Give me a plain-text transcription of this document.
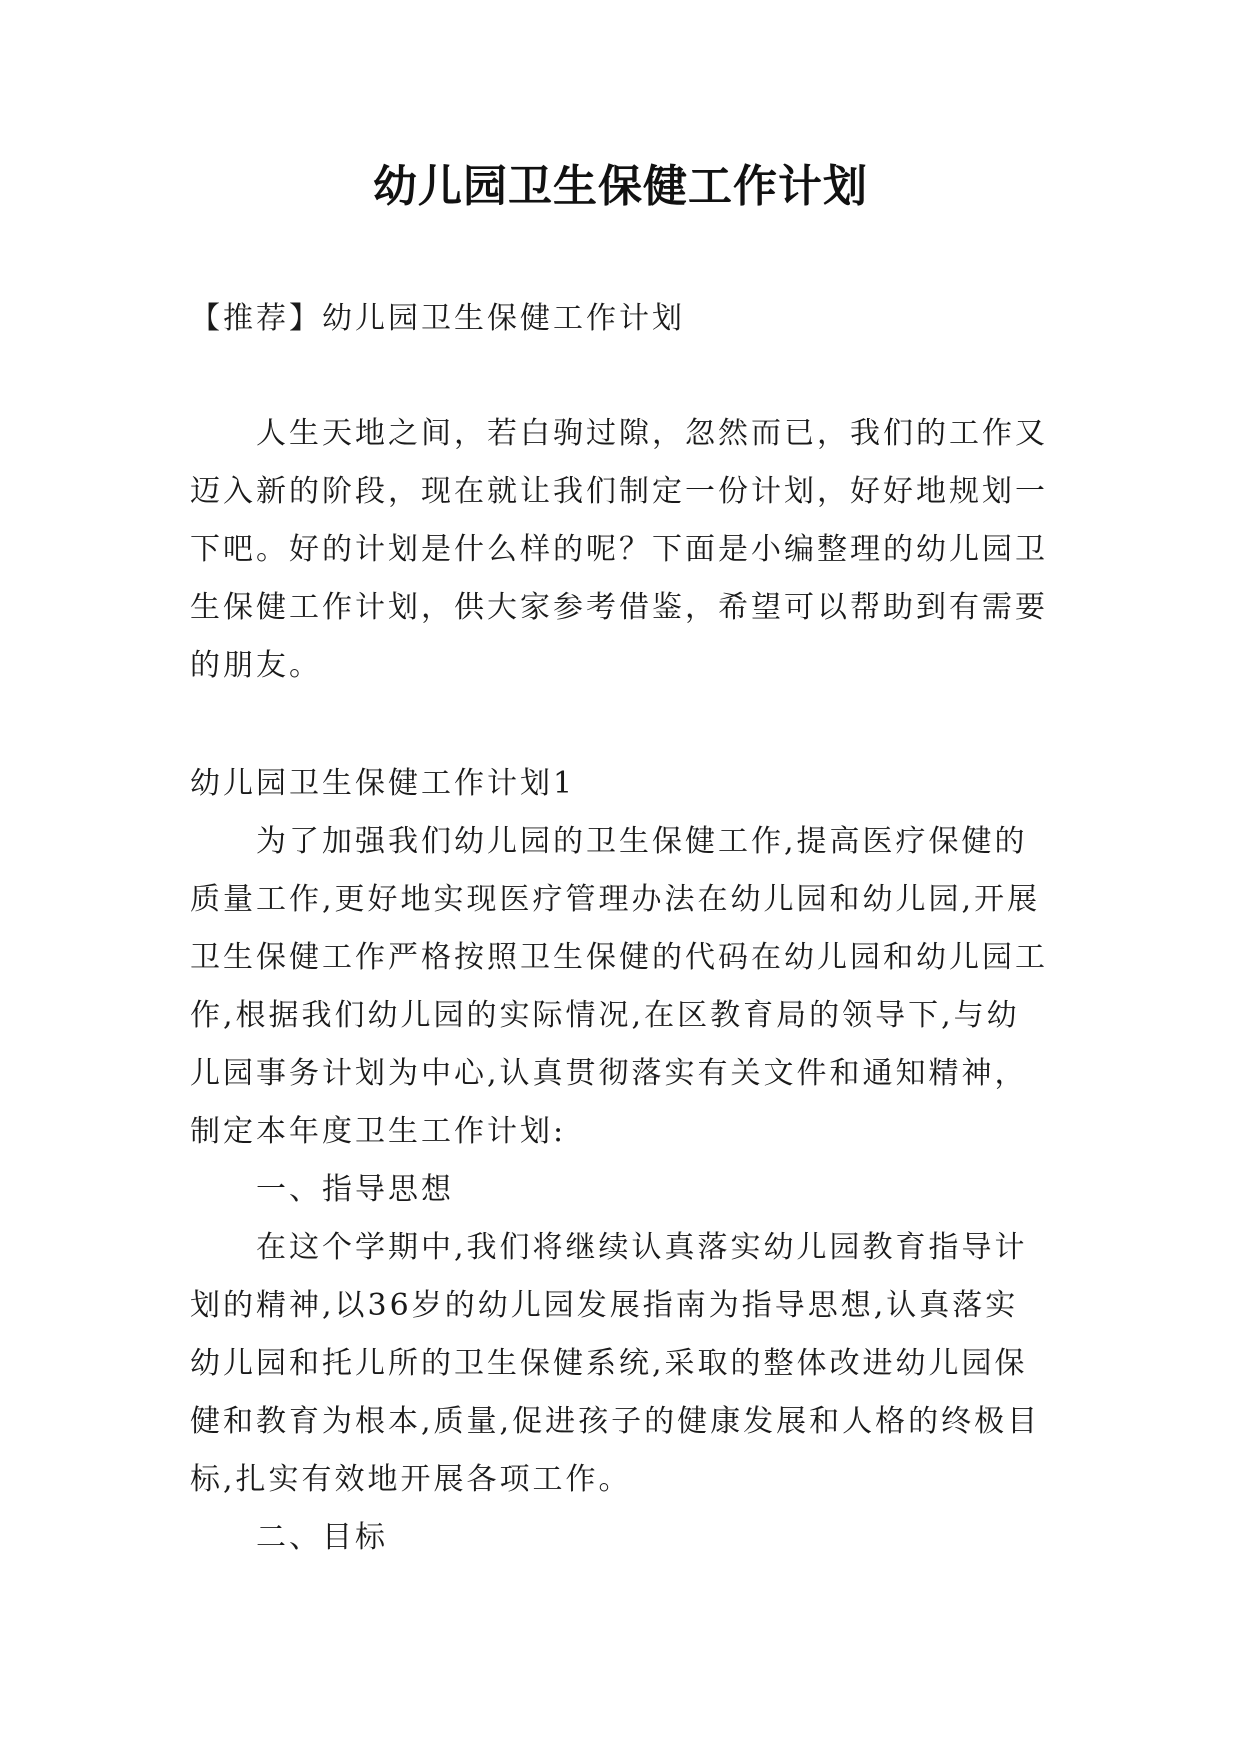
幼儿园卫生保健工作计划

【推荐】幼儿园卫生保健工作计划

人生天地之间，若白驹过隙，忽然而已，我们的工作又迈入新的阶段，现在就让我们制定一份计划，好好地规划一下吧。好的计划是什么样的呢？下面是小编整理的幼儿园卫生保健工作计划，供大家参考借鉴，希望可以帮助到有需要的朋友。

幼儿园卫生保健工作计划1

为了加强我们幼儿园的卫生保健工作,提高医疗保健的质量工作,更好地实现医疗管理办法在幼儿园和幼儿园,开展卫生保健工作严格按照卫生保健的代码在幼儿园和幼儿园工作,根据我们幼儿园的实际情况,在区教育局的领导下,与幼儿园事务计划为中心,认真贯彻落实有关文件和通知精神，制定本年度卫生工作计划:

一、指导思想

在这个学期中,我们将继续认真落实幼儿园教育指导计划的精神,以36岁的幼儿园发展指南为指导思想,认真落实幼儿园和托儿所的卫生保健系统,采取的整体改进幼儿园保健和教育为根本,质量,促进孩子的健康发展和人格的终极目标,扎实有效地开展各项工作。

二、目标
